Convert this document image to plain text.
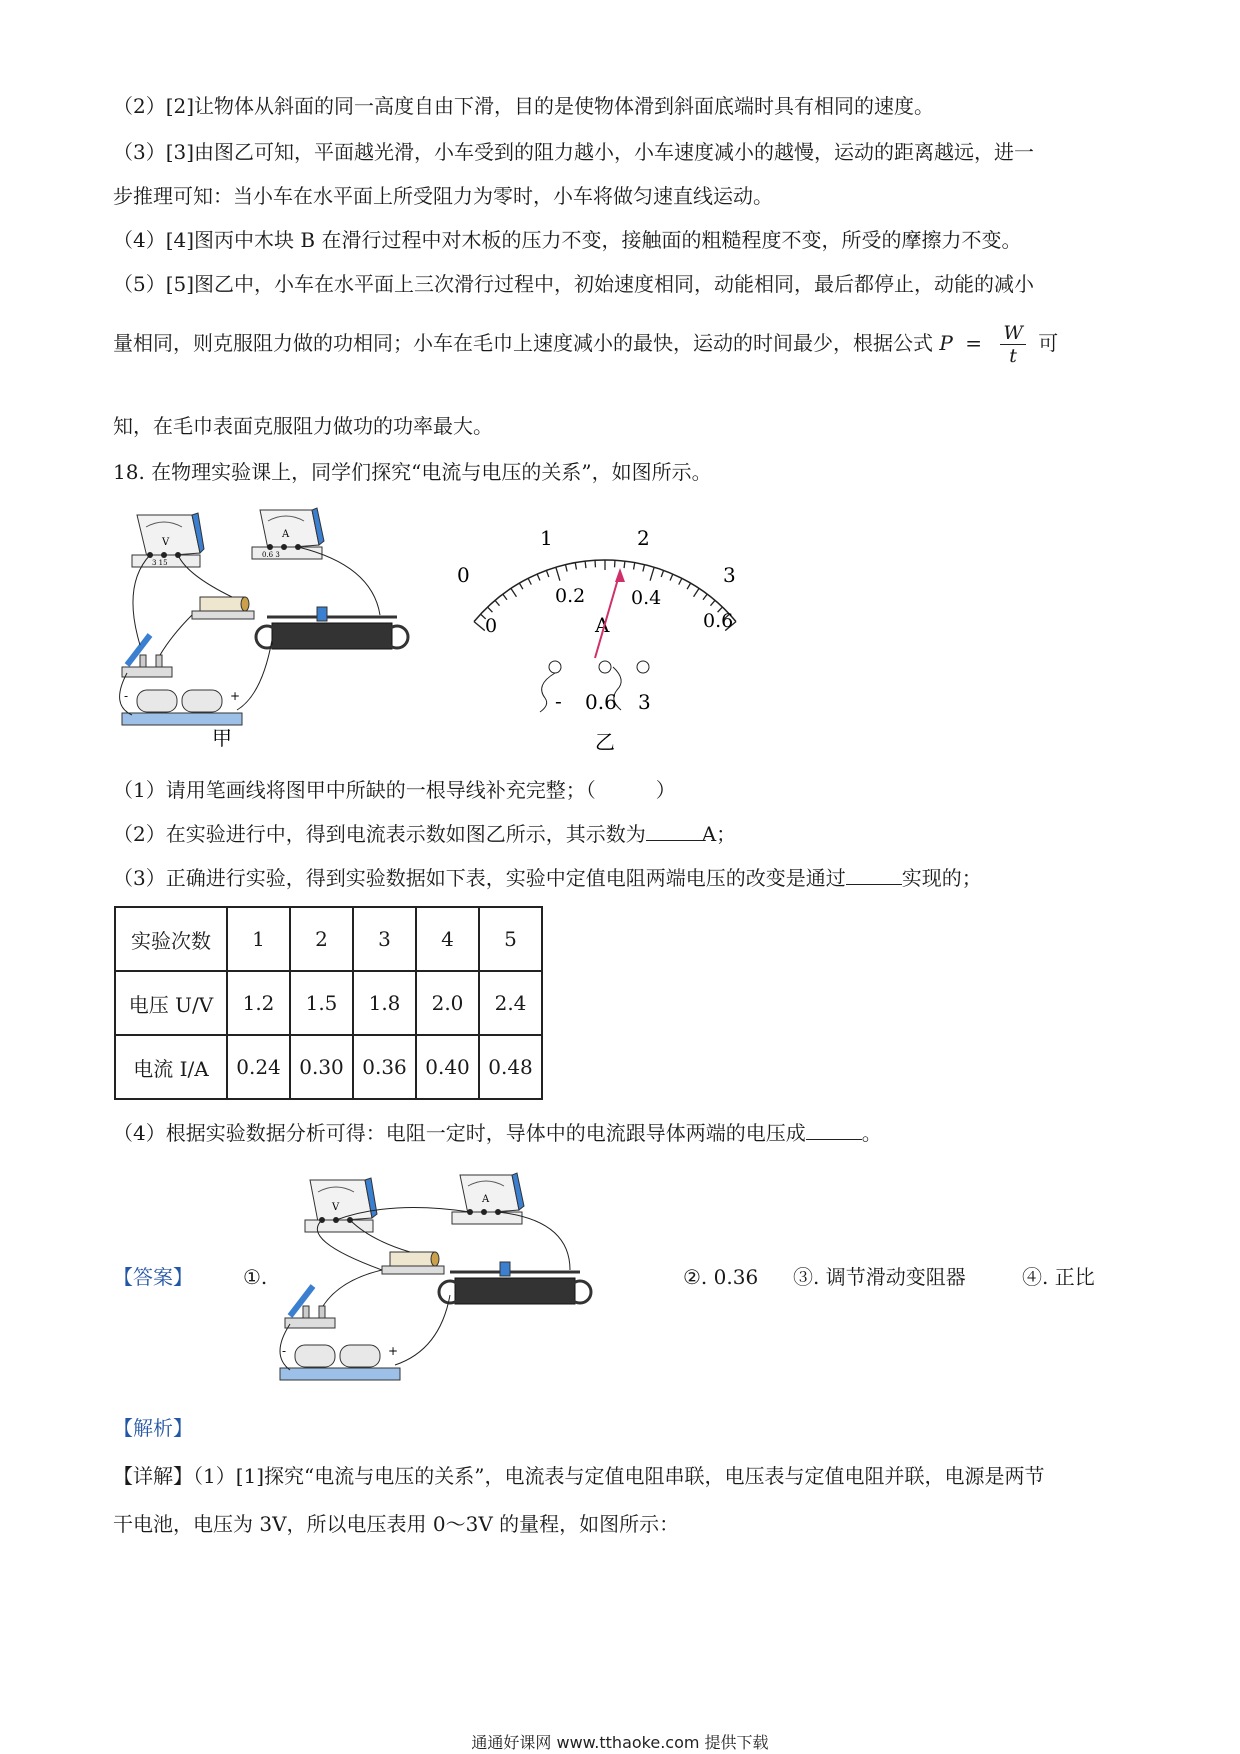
（2）[2]让物体从斜面的同一高度自由下滑，目的是使物体滑到斜面底端时具有相同的速度。
（3）[3]由图乙可知，平面越光滑，小车受到的阻力越小，小车速度减小的越慢，运动的距离越远，进一
步推理可知：当小车在水平面上所受阻力为零时，小车将做匀速直线运动。
（4）[4]图丙中木块 B 在滑行过程中对木板的压力不变，接触面的粗糙程度不变，所受的摩擦力不变。
（5）[5]图乙中，小车在水平面上三次滑行过程中，初始速度相同，动能相同，最后都停止，动能的减小
量相同，则克服阻力做的功相同；小车在毛巾上速度减小的最快，运动的时间最少，根据公式 $P = \frac{W}{t}$ 可
知，在毛巾表面克服阻力做功的功率最大。
18. 在物理实验课上，同学们探究“电流与电压的关系”，如图所示。
V
3 15
A
0.6 3
-	+
甲
0
1	2
3
0
0.2 0.4
0.6
A
- 0.6 3
乙
（1）请用笔画线将图甲中所缺的一根导线补充完整；（　　　）
（2）在实验进行中，得到电流表示数如图乙所示，其示数为	A；
（3）正确进行实验，得到实验数据如下表，实验中定值电阻两端电压的改变是通过	实现的；
实验次数	1	2	3	4	5
电压 U/V	1.2	1.5	1.8	2.0	2.4
电流 I/A	0.24	0.30	0.36	0.40	0.48
（4）根据实验数据分析可得：电阻一定时，导体中的电流跟导体两端的电压成	。
V
A
-	+
【答案】	①.	②. 0.36 ③. 调节滑动变阻器	④. 正比
【解析】
【详解】（1）[1]探究“电流与电压的关系”，电流表与定值电阻串联，电压表与定值电阻并联，电源是两节
干电池，电压为 3V，所以电压表用 0～3V 的量程，如图所示：
通通好课网 www.tthaoke.com 提供下载
